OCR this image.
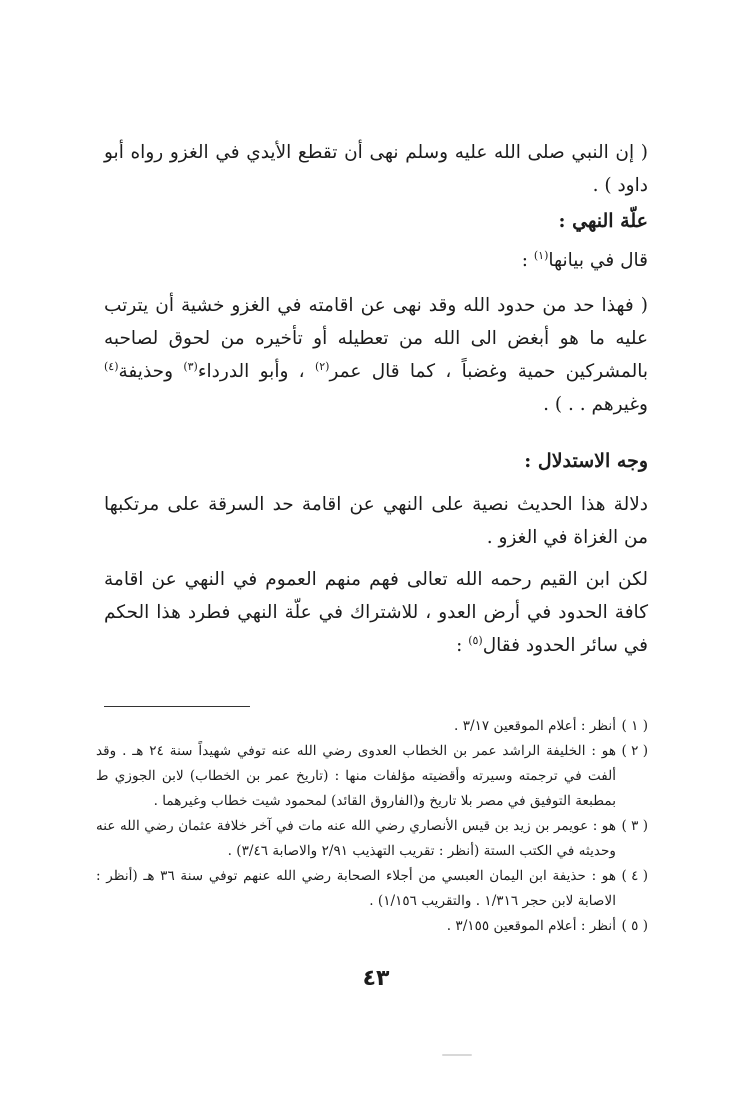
( إن النبي صلى الله عليه وسلم نهى أن تقطع الأيدي في الغزو رواه أبو داود ) .

علّة النهي :

قال في بيانها$^{(١)}$ :

( فهذا حد من حدود الله وقد نهى عن اقامته في الغزو خشية أن يترتب عليه ما هو أبغض الى الله من تعطيله أو تأخيره من لحوق لصاحبه بالمشركين حمية وغضباً ، كما قال عمر$^{(٢)}$ ، وأبو الدرداء$^{(٣)}$ وحذيفة$^{(٤)}$ وغيرهم . . ) .

وجه الاستدلال :

دلالة هذا الحديث نصية على النهي عن اقامة حد السرقة على مرتكبها من الغزاة في الغزو .

لكن ابن القيم رحمه الله تعالى فهم منهم العموم في النهي عن اقامة كافة الحدود في أرض العدو ، للاشتراك في علّة النهي فطرد هذا الحكم في سائر الحدود فقال$^{(٥)}$ :

( ١ )

أنظر : أعلام الموقعين ٣/١٧ .

( ٢ )

هو : الخليفة الراشد عمر بن الخطاب العدوى رضي الله عنه توفي شهيداً سنة ٢٤ هـ . وقد ألفت في ترجمته وسيرته وأقضيته مؤلفات منها : (تاريخ عمر بن الخطاب) لابن الجوزي ط بمطبعة التوفيق في مصر بلا تاريخ و(الفاروق القائد) لمحمود شيت خطاب وغيرهما .

( ٣ )

هو : عويمر بن زيد بن قيس الأنصاري رضي الله عنه مات في آخر خلافة عثمان رضي الله عنه وحديثه في الكتب الستة (أنظر : تقريب التهذيب ٢/٩١ والاصابة ٣/٤٦) .

( ٤ )

هو : حذيفة ابن اليمان العبسي من أجلاء الصحابة رضي الله عنهم توفي سنة ٣٦ هـ (أنظر : الاصابة لابن حجر ١/٣١٦ . والتقريب ١/١٥٦) .

( ٥ )

أنظر : أعلام الموقعين ٣/١٥٥ .

٤٣
